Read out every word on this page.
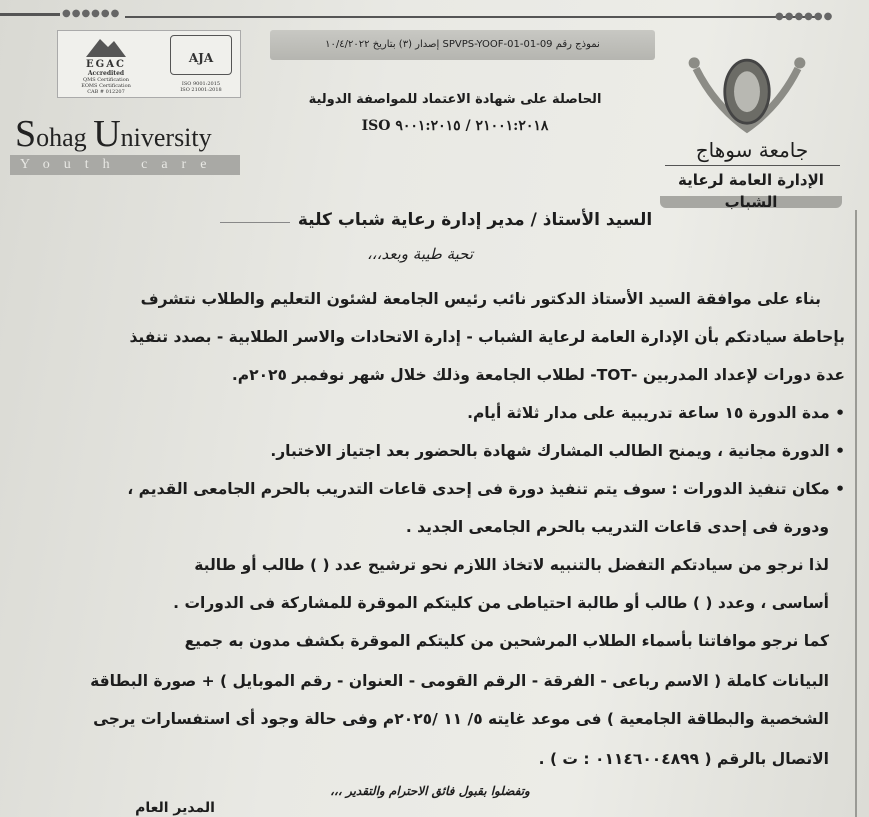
●●●●●●	●●●●●●
نموذج رقم SPVPS-YOOF-01-01-09 إصدار (٣) بتاريخ ١٠/٤/٢٠٢٢
EGAC
Accredited
QMS Certification
EOMS Certification
CAB # 012207
AJA
ISO 9001:2015
ISO 21001:2018
Sohag University
Youth care
الحاصلة على شهادة الاعتماد للمواصفة الدولية
ISO ٢١٠٠١:٢٠١٨ / ٩٠٠١:٢٠١٥
جامعة سوهاج
الإدارة العامة لرعاية الشباب
السيد الأستاذ / مدير إدارة رعاية شباب كلية
تحية طيبة وبعد،،،
بناء على موافقة السيد الأستاذ الدكتور نائب رئيس الجامعة لشئون التعليم والطلاب نتشرف
بإحاطة سيادتكم بأن الإدارة العامة لرعاية الشباب - إدارة الاتحادات والاسر الطلابية - بصدد تنفيذ
عدة دورات لإعداد المدربين -TOT- لطلاب الجامعة وذلك خلال شهر نوفمبر ٢٠٢٥م.
• مدة الدورة ١٥ ساعة تدريبية على مدار ثلاثة أيام.
• الدورة مجانية ، ويمنح الطالب المشارك شهادة بالحضور بعد اجتياز الاختبار.
• مكان تنفيذ الدورات : سوف يتم تنفيذ دورة فى إحدى قاعات التدريب بالحرم الجامعى القديم ،
ودورة فى إحدى قاعات التدريب بالحرم الجامعى الجديد .
لذا نرجو من سيادتكم التفضل بالتنبيه لاتخاذ اللازم نحو ترشيح عدد ( ) طالب أو طالبة
أساسى ، وعدد ( ) طالب أو طالبة احتياطى من كليتكم الموقرة للمشاركة فى الدورات .
كما نرجو موافاتنا بأسماء الطلاب المرشحين من كليتكم الموقرة بكشف مدون به جميع
البيانات كاملة ( الاسم رباعى - الفرقة - الرقم القومى - العنوان - رقم الموبايل ) + صورة البطاقة
الشخصية والبطاقة الجامعية ) فى موعد غايته ٥/ ١١ /٢٠٢٥م وفى حالة وجود أى استفسارات يرجى
الاتصال بالرقم ( ٠١١٤٦٠٠٤٨٩٩ : ت ) .
وتفضلوا بقبول فائق الاحترام والتقدير ،،،
المدير العام
